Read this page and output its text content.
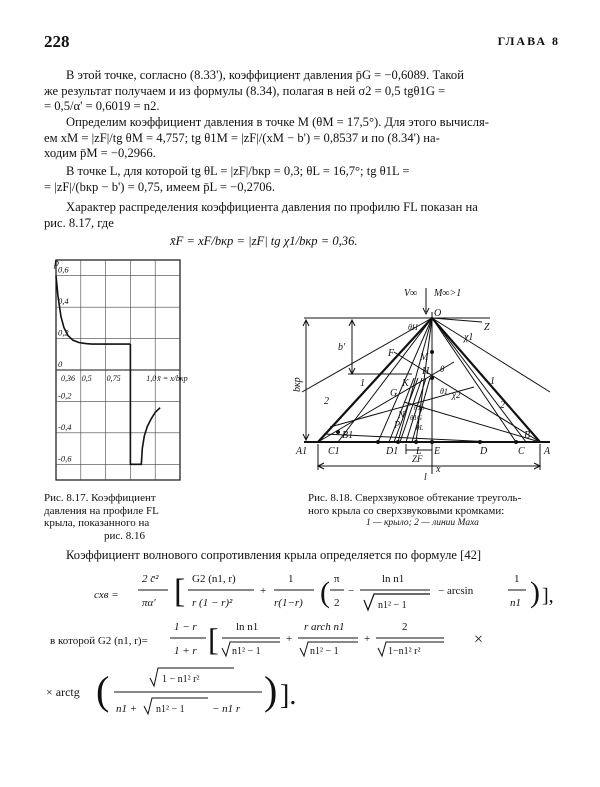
228	ГЛАВА 8
В этой точке, согласно (8.33'), коэффициент давления p̄G = −0,6089. Такой
же результат получаем и из формулы (8.34), полагая в ней σ2 = 0,5 tgθ1G =
= 0,5/α' = 0,6019 = n2.
Определим коэффициент давления в точке M (θM = 17,5°). Для этого вычисля-
ем xM = |zF|/tg θM = 4,757; tg θ1M = |zF|/(xM − b') = 0,8537 и по (8.34') на-
ходим p̄M = −0,2966.
В точке L, для которой tg θL = |zF|/bкр = 0,3; θL = 16,7°; tg θ1L =
= |zF|/(bкр − b') = 0,75, имеем p̄L = −0,2706.
Характер распределения коэффициента давления по профилю FL показан на
рис. 8.17, где
x̄F = xF/bкр = |zF| tg χ1/bкр = 0,36.
0,6
0,4
0,2
0
-0,2
-0,4
-0,6
0,36 0,5 0,75	1,0 x̄ = x/bкр
p̄
Рис. 8.17. Коэффициент
давления на профиле FL
крыла, показанного на
рис. 8.16
V∞ M∞>1
O
Z
χ1
θH
b'
bкр
F
K
G
N
P
M
H θ
θ1
θ1p
θ1G
θL
χ2
A1
B1
C1	D1 L E	D	C
B
A
ZF
l
x
1
1
2	2
Рис. 8.18. Сверхзвуковое обтекание треуголь-
ного крыла со сверхзвуковыми кромками:
1 — крыло; 2 — линии Маха
Коэффициент волнового сопротивления крыла определяется по формуле [42]
cxв =
2 c̄²
πα' [ G2 (n1, r)
r (1 − r)²
+
1
r(1−r) ( π
2
−
ln n1
n1² − 1
− arcsin
1
n1 ) ],
в которой G2 (n1, r)=
1 − r
1 + r [ ln n1
n1² − 1
+
r arch n1
n1² − 1
+
2
1−n1² r²
×
× arctg (	1 − n1² r²
n1 + n1² − 1 − n1 r ) ].
